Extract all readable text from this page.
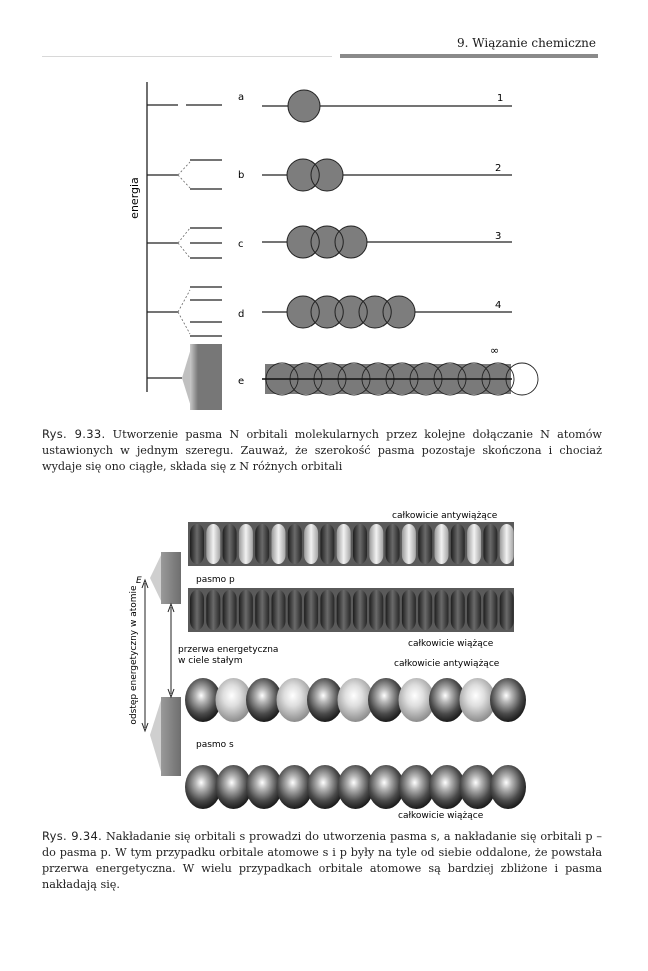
9. Wiązanie chemiczne
energia
a	1
b
2
c
3
d
4
e
∞
Rys. 9.33. Utworzenie pasma N orbitali molekularnych przez kolejne dołączanie N atomów ustawionych w jednym szeregu. Zauważ, że szerokość pasma pozostaje skończona i chociaż wydaje się ono ciągłe, składa się z N różnych orbitali
E
odstęp energetyczny w atomie
pasmo p
pasmo s
przerwa energetyczna
w ciele stałym
całkowicie antywiążące
całkowicie wiążące
całkowicie antywiążące
całkowicie wiążące
Rys. 9.34. Nakładanie się orbitali s prowadzi do utworzenia pasma s, a nakładanie się orbitali p – do pasma p. W tym przypadku orbitale atomowe s i p były na tyle od siebie oddalone, że powstała przerwa energetyczna. W wielu przypadkach orbitale atomowe są bardziej zbliżone i pasma nakładają się.
